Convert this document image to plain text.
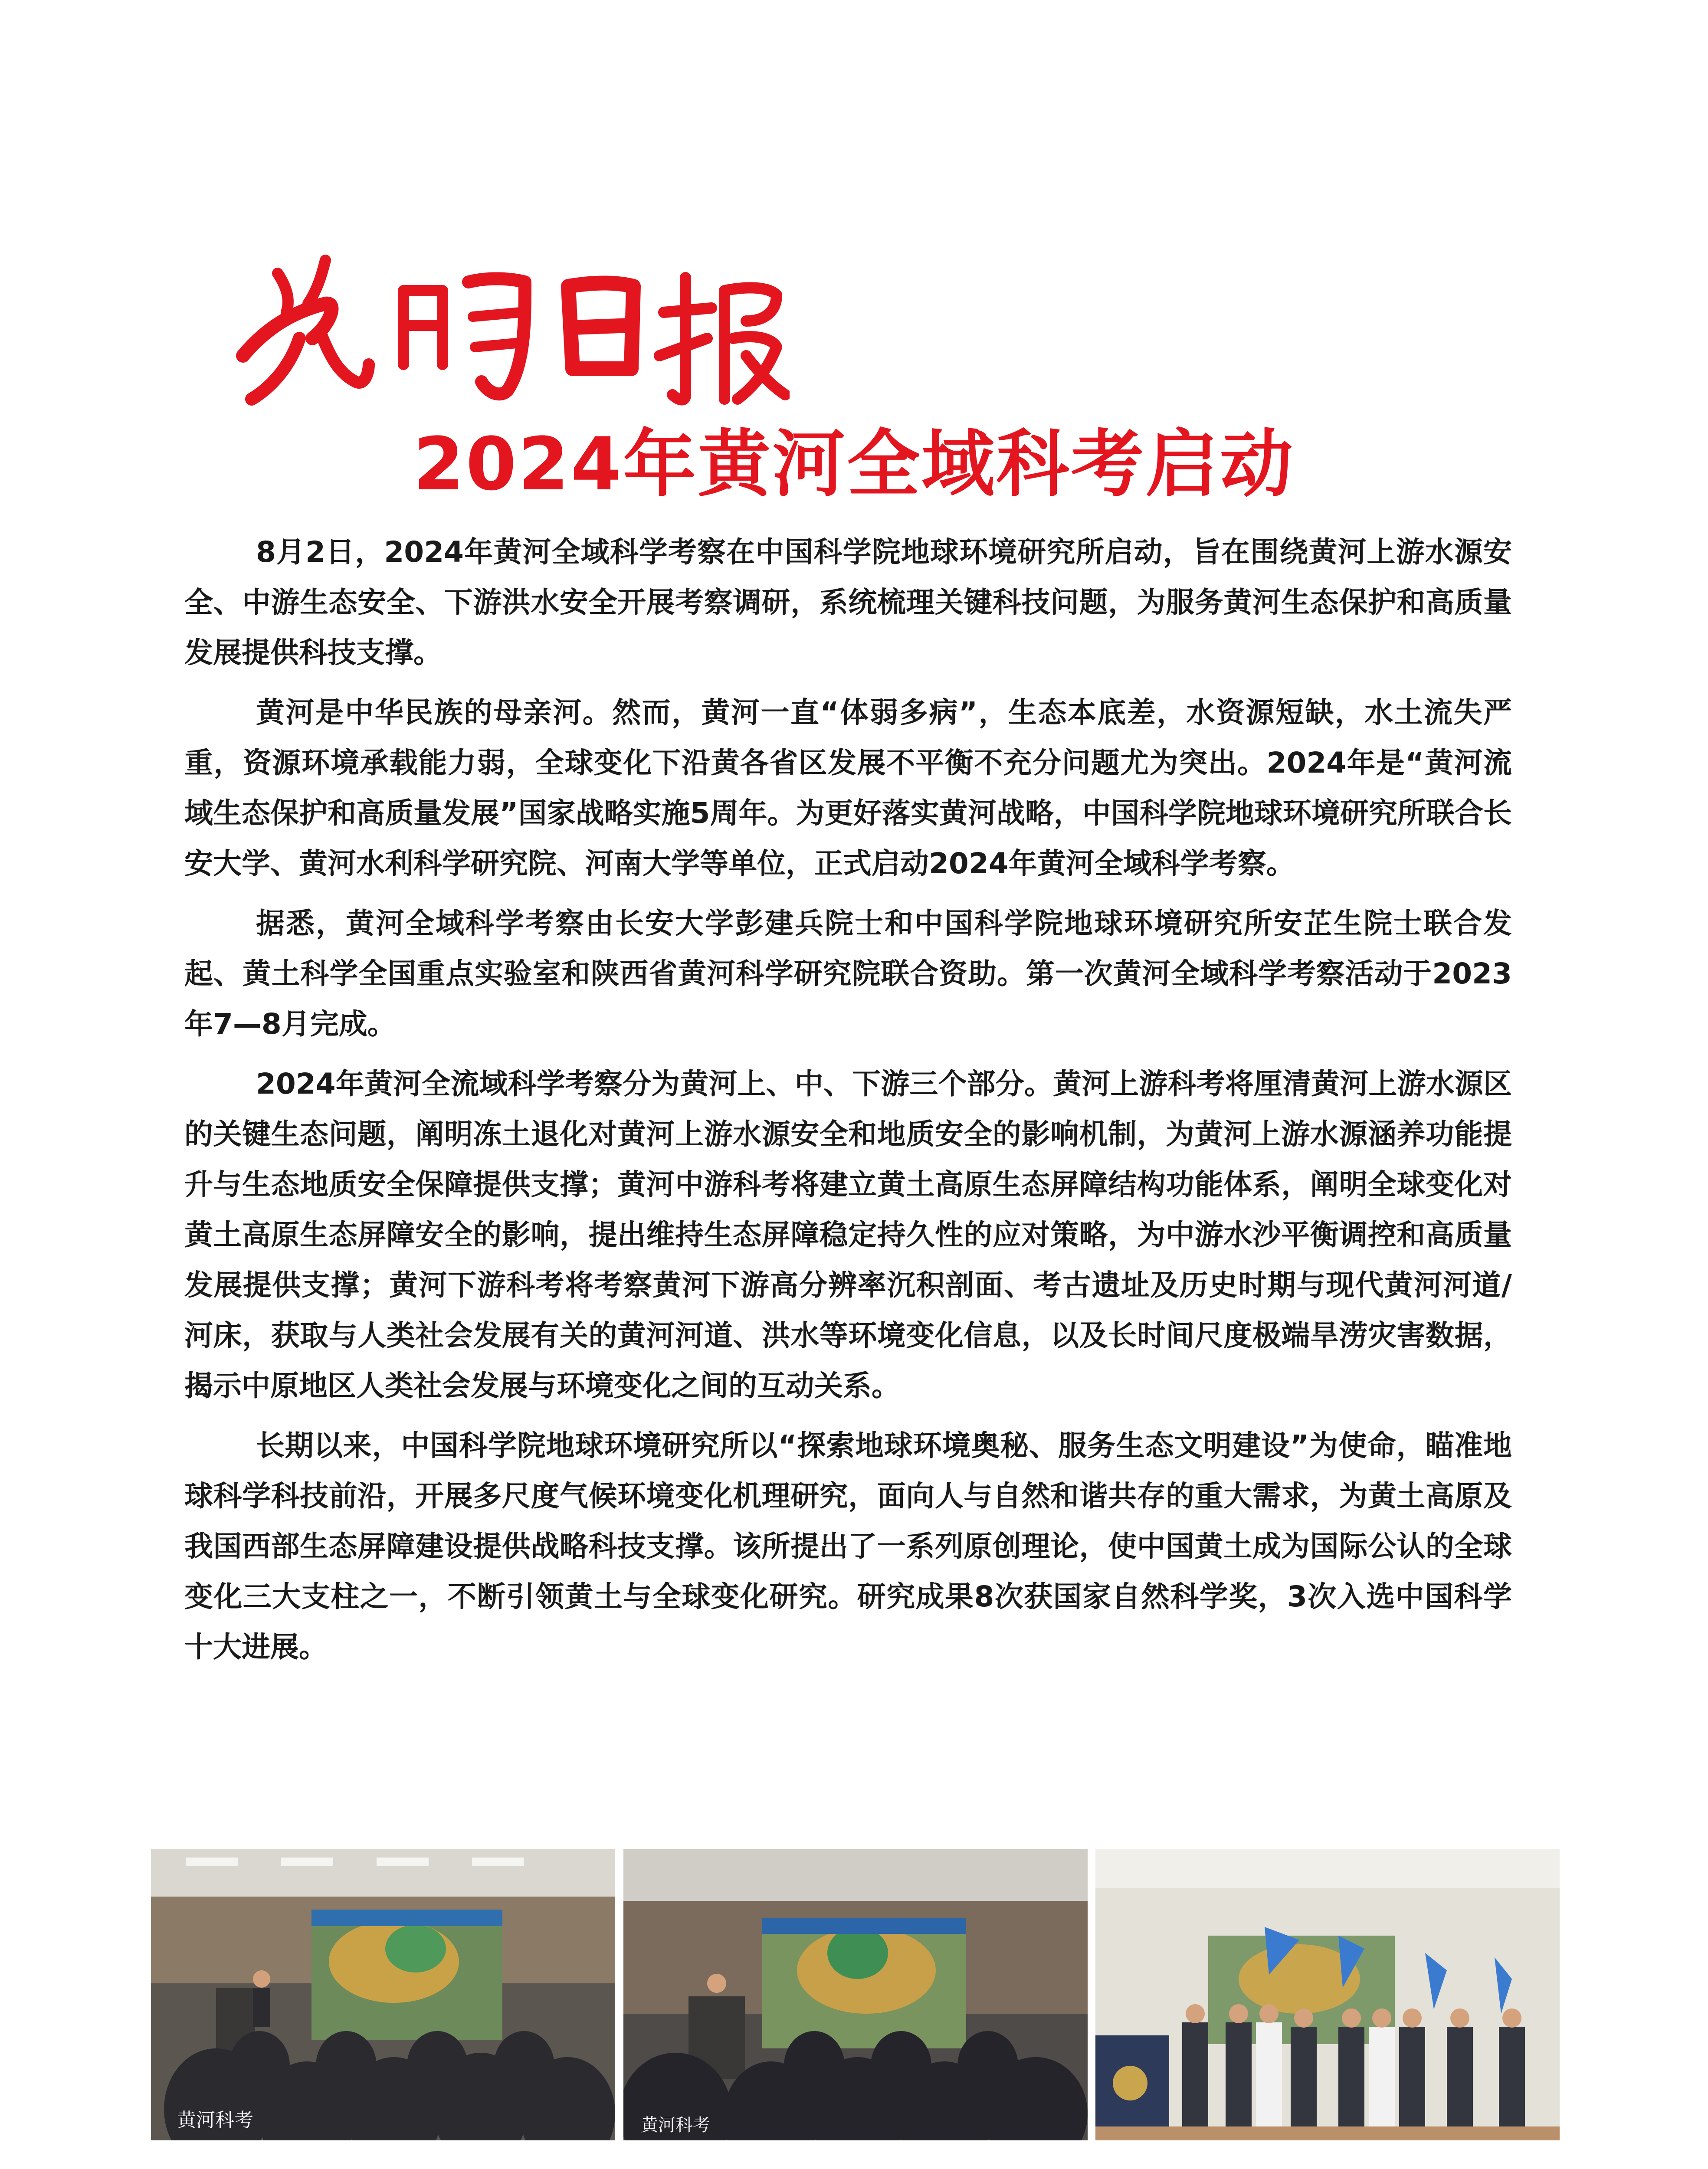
2024年黄河全域科考启动

8月2日，2024年黄河全域科学考察在中国科学院地球环境研究所启动，旨在围绕黄河上游水源安全、中游生态安全、下游洪水安全开展考察调研，系统梳理关键科技问题，为服务黄河生态保护和高质量发展提供科技支撑。

黄河是中华民族的母亲河。然而，黄河一直“体弱多病”，生态本底差，水资源短缺，水土流失严重，资源环境承载能力弱，全球变化下沿黄各省区发展不平衡不充分问题尤为突出。2024年是“黄河流域生态保护和高质量发展”国家战略实施5周年。为更好落实黄河战略，中国科学院地球环境研究所联合长安大学、黄河水利科学研究院、河南大学等单位，正式启动2024年黄河全域科学考察。

据悉，黄河全域科学考察由长安大学彭建兵院士和中国科学院地球环境研究所安芷生院士联合发起、黄土科学全国重点实验室和陕西省黄河科学研究院联合资助。第一次黄河全域科学考察活动于2023年7—8月完成。

2024年黄河全流域科学考察分为黄河上、中、下游三个部分。黄河上游科考将厘清黄河上游水源区的关键生态问题，阐明冻土退化对黄河上游水源安全和地质安全的影响机制，为黄河上游水源涵养功能提升与生态地质安全保障提供支撑；黄河中游科考将建立黄土高原生态屏障结构功能体系，阐明全球变化对黄土高原生态屏障安全的影响，提出维持生态屏障稳定持久性的应对策略，为中游水沙平衡调控和高质量发展提供支撑；黄河下游科考将考察黄河下游高分辨率沉积剖面、考古遗址及历史时期与现代黄河河道/河床，获取与人类社会发展有关的黄河河道、洪水等环境变化信息，以及长时间尺度极端旱涝灾害数据，揭示中原地区人类社会发展与环境变化之间的互动关系。

长期以来，中国科学院地球环境研究所以“探索地球环境奥秘、服务生态文明建设”为使命，瞄准地球科学科技前沿，开展多尺度气候环境变化机理研究，面向人与自然和谐共存的重大需求，为黄土高原及我国西部生态屏障建设提供战略科技支撑。该所提出了一系列原创理论，使中国黄土成为国际公认的全球变化三大支柱之一，不断引领黄土与全球变化研究。研究成果8次获国家自然科学奖，3次入选中国科学十大进展。

黄河科考	黄河科考
